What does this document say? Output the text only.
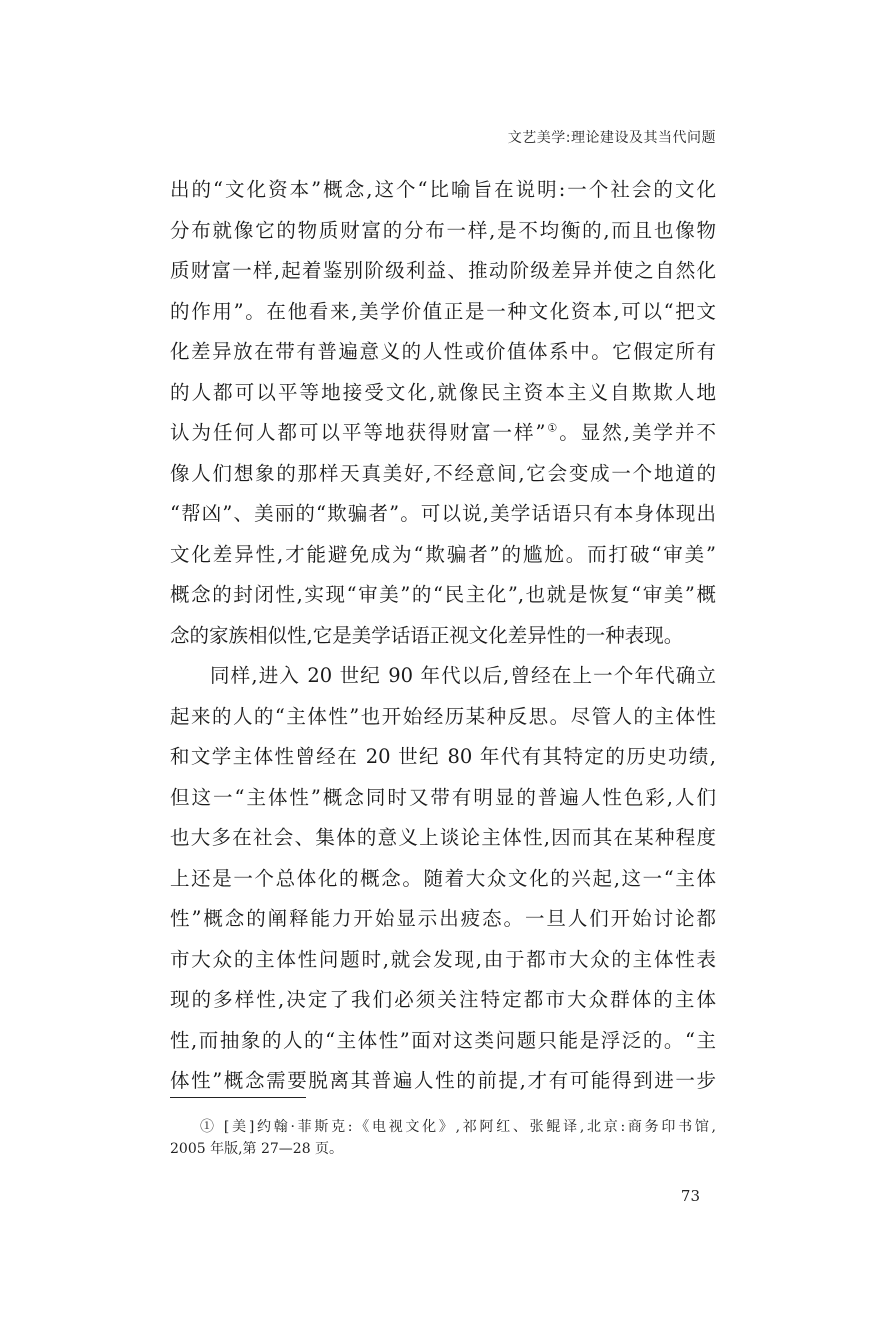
文艺美学:理论建设及其当代问题
出的“文化资本”概念,这个“比喻旨在说明:一个社会的文化
分布就像它的物质财富的分布一样,是不均衡的,而且也像物
质财富一样,起着鉴别阶级利益、推动阶级差异并使之自然化
的作用”。在他看来,美学价值正是一种文化资本,可以“把文
化差异放在带有普遍意义的人性或价值体系中。它假定所有
的人都可以平等地接受文化,就像民主资本主义自欺欺人地
认为任何人都可以平等地获得财富一样”①。显然,美学并不
像人们想象的那样天真美好,不经意间,它会变成一个地道的
“帮凶”、美丽的“欺骗者”。可以说,美学话语只有本身体现出
文化差异性,才能避免成为“欺骗者”的尴尬。而打破“审美”
概念的封闭性,实现“审美”的“民主化”,也就是恢复“审美”概
念的家族相似性,它是美学话语正视文化差异性的一种表现。
同样,进入 20 世纪 90 年代以后,曾经在上一个年代确立
起来的人的“主体性”也开始经历某种反思。尽管人的主体性
和文学主体性曾经在 20 世纪 80 年代有其特定的历史功绩,
但这一“主体性”概念同时又带有明显的普遍人性色彩,人们
也大多在社会、集体的意义上谈论主体性,因而其在某种程度
上还是一个总体化的概念。随着大众文化的兴起,这一“主体
性”概念的阐释能力开始显示出疲态。一旦人们开始讨论都
市大众的主体性问题时,就会发现,由于都市大众的主体性表
现的多样性,决定了我们必须关注特定都市大众群体的主体
性,而抽象的人的“主体性”面对这类问题只能是浮泛的。“主
体性”概念需要脱离其普遍人性的前提,才有可能得到进一步
① [美]约翰·菲斯克:《电视文化》,祁阿红、张鲲译,北京:商务印书馆,
2005 年版,第 27—28 页。
73
